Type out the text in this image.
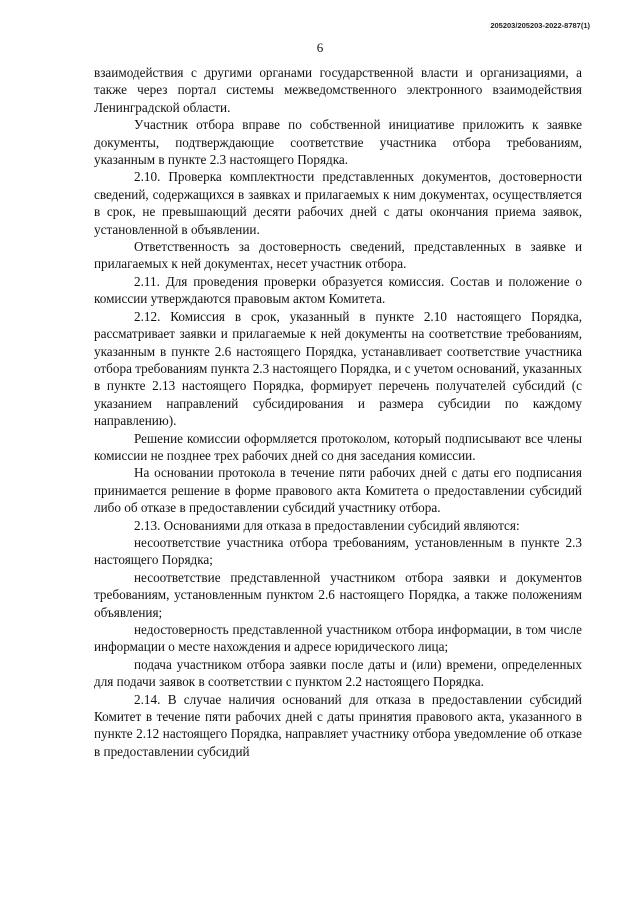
205203/205203-2022-8787(1)
6

взаимодействия с другими органами государственной власти и организациями, а также через портал системы межведомственного электронного взаимодействия Ленинградской области.

Участник отбора вправе по собственной инициативе приложить к заявке документы, подтверждающие соответствие участника отбора требованиям, указанным в пункте 2.3 настоящего Порядка.

2.10. Проверка комплектности представленных документов, достоверности сведений, содержащихся в заявках и прилагаемых к ним документах, осуществляется в срок, не превышающий десяти рабочих дней с даты окончания приема заявок, установленной в объявлении.

Ответственность за достоверность сведений, представленных в заявке и прилагаемых к ней документах, несет участник отбора.

2.11. Для проведения проверки образуется комиссия. Состав и положение о комиссии утверждаются правовым актом Комитета.

2.12. Комиссия в срок, указанный в пункте 2.10 настоящего Порядка, рассматривает заявки и прилагаемые к ней документы на соответствие требованиям, указанным в пункте 2.6 настоящего Порядка, устанавливает соответствие участника отбора требованиям пункта 2.3 настоящего Порядка, и с учетом оснований, указанных в пункте 2.13 настоящего Порядка, формирует перечень получателей субсидий (с указанием направлений субсидирования и размера субсидии по каждому направлению).

Решение комиссии оформляется протоколом, который подписывают все члены комиссии не позднее трех рабочих дней со дня заседания комиссии.

На основании протокола в течение пяти рабочих дней с даты его подписания принимается решение в форме правового акта Комитета о предоставлении субсидий либо об отказе в предоставлении субсидий участнику отбора.

2.13. Основаниями для отказа в предоставлении субсидий являются:

несоответствие участника отбора требованиям, установленным в пункте 2.3 настоящего Порядка;

несоответствие представленной участником отбора заявки и документов требованиям, установленным пунктом 2.6 настоящего Порядка, а также положениям объявления;

недостоверность представленной участником отбора информации, в том числе информации о месте нахождения и адресе юридического лица;

подача участником отбора заявки после даты и (или) времени, определенных для подачи заявок в соответствии с пунктом 2.2 настоящего Порядка.

2.14. В случае наличия оснований для отказа в предоставлении субсидий Комитет в течение пяти рабочих дней с даты принятия правового акта, указанного в пункте 2.12 настоящего Порядка, направляет участнику отбора уведомление об отказе в предоставлении субсидий
